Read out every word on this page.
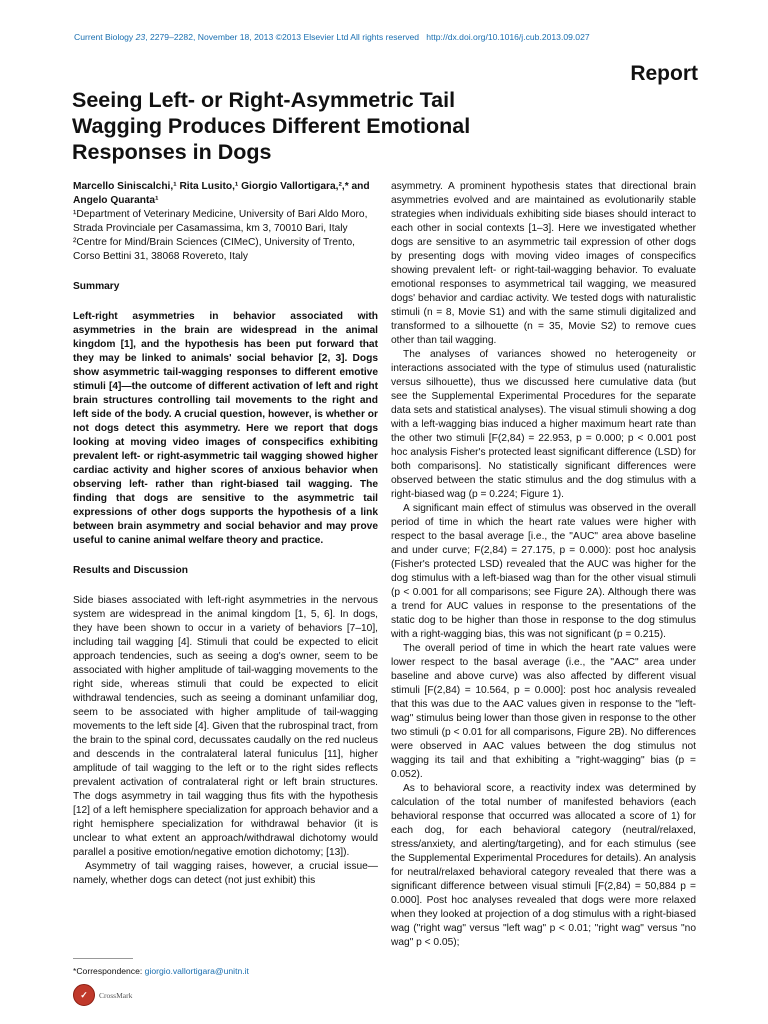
Current Biology 23, 2279–2282, November 18, 2013 ©2013 Elsevier Ltd All rights reserved http://dx.doi.org/10.1016/j.cub.2013.09.027
Report
Seeing Left- or Right-Asymmetric Tail Wagging Produces Different Emotional Responses in Dogs

Marcello Siniscalchi,¹ Rita Lusito,¹ Giorgio Vallortigara,²,* and Angelo Quaranta¹

¹Department of Veterinary Medicine, University of Bari Aldo Moro, Strada Provinciale per Casamassima, km 3, 70010 Bari, Italy

²Centre for Mind/Brain Sciences (CIMeC), University of Trento, Corso Bettini 31, 38068 Rovereto, Italy

Summary

Left-right asymmetries in behavior associated with asymmetries in the brain are widespread in the animal kingdom [1], and the hypothesis has been put forward that they may be linked to animals' social behavior [2, 3]. Dogs show asymmetric tail-wagging responses to different emotive stimuli [4]—the outcome of different activation of left and right brain structures controlling tail movements to the right and left side of the body. A crucial question, however, is whether or not dogs detect this asymmetry. Here we report that dogs looking at moving video images of conspecifics exhibiting prevalent left- or right-asymmetric tail wagging showed higher cardiac activity and higher scores of anxious behavior when observing left- rather than right-biased tail wagging. The finding that dogs are sensitive to the asymmetric tail expressions of other dogs supports the hypothesis of a link between brain asymmetry and social behavior and may prove useful to canine animal welfare theory and practice.

Results and Discussion

Side biases associated with left-right asymmetries in the nervous system are widespread in the animal kingdom [1, 5, 6]. In dogs, they have been shown to occur in a variety of behaviors [7–10], including tail wagging [4]. Stimuli that could be expected to elicit approach tendencies, such as seeing a dog's owner, seem to be associated with higher amplitude of tail-wagging movements to the right side, whereas stimuli that could be expected to elicit withdrawal tendencies, such as seeing a dominant unfamiliar dog, seem to be associated with higher amplitude of tail-wagging movements to the left side [4]. Given that the rubrospinal tract, from the brain to the spinal cord, decussates caudally on the red nucleus and descends in the contralateral lateral funiculus [11], higher amplitude of tail wagging to the left or to the right sides reflects prevalent activation of contralateral right or left brain structures. The dogs asymmetry in tail wagging thus fits with the hypothesis [12] of a left hemisphere specialization for approach behavior and a right hemisphere specialization for withdrawal behavior (it is unclear to what extent an approach/withdrawal dichotomy would parallel a positive emotion/negative emotion dichotomy; [13]).

Asymmetry of tail wagging raises, however, a crucial issue—namely, whether dogs can detect (not just exhibit) this

asymmetry. A prominent hypothesis states that directional brain asymmetries evolved and are maintained as evolutionarily stable strategies when individuals exhibiting side biases should interact to each other in social contexts [1–3]. Here we investigated whether dogs are sensitive to an asymmetric tail expression of other dogs by presenting dogs with moving video images of conspecifics showing prevalent left- or right-tail-wagging behavior. To evaluate emotional responses to asymmetrical tail wagging, we measured dogs' behavior and cardiac activity. We tested dogs with naturalistic stimuli (n = 8, Movie S1) and with the same stimuli digitalized and transformed to a silhouette (n = 35, Movie S2) to remove cues other than tail wagging.

The analyses of variances showed no heterogeneity or interactions associated with the type of stimulus used (naturalistic versus silhouette), thus we discussed here cumulative data (but see the Supplemental Experimental Procedures for the separate data sets and statistical analyses). The visual stimuli showing a dog with a left-wagging bias induced a higher maximum heart rate than the other two stimuli [F(2,84) = 22.953, p = 0.000; p < 0.001 post hoc analysis Fisher's protected least significant difference (LSD) for both comparisons]. No statistically significant differences were observed between the static stimulus and the dog stimulus with a right-biased wag (p = 0.224; Figure 1).

A significant main effect of stimulus was observed in the overall period of time in which the heart rate values were higher with respect to the basal average [i.e., the "AUC" area above baseline and under curve; F(2,84) = 27.175, p = 0.000): post hoc analysis (Fisher's protected LSD) revealed that the AUC was higher for the dog stimulus with a left-biased wag than for the other visual stimuli (p < 0.001 for all comparisons; see Figure 2A). Although there was a trend for AUC values in response to the presentations of the static dog to be higher than those in response to the dog stimulus with a right-wagging bias, this was not significant (p = 0.215).

The overall period of time in which the heart rate values were lower respect to the basal average (i.e., the "AAC" area under baseline and above curve) was also affected by different visual stimuli [F(2,84) = 10.564, p = 0.000]: post hoc analysis revealed that this was due to the AAC values given in response to the "left-wag" stimulus being lower than those given in response to the other two stimuli (p < 0.01 for all comparisons, Figure 2B). No differences were observed in AAC values between the dog stimulus not wagging its tail and that exhibiting a "right-wagging" bias (p = 0.052).

As to behavioral score, a reactivity index was determined by calculation of the total number of manifested behaviors (each behavioral response that occurred was allocated a score of 1) for each dog, for each behavioral category (neutral/relaxed, stress/anxiety, and alerting/targeting), and for each stimulus (see the Supplemental Experimental Procedures for details). An analysis for neutral/relaxed behavioral category revealed that there was a significant difference between visual stimuli [F(2,84) = 50,884 p = 0.000]. Post hoc analyses revealed that dogs were more relaxed when they looked at projection of a dog stimulus with a right-biased wag ("right wag" versus "left wag" p < 0.01; "right wag" versus "no wag" p < 0.05);

*Correspondence: giorgio.vallortigara@unitn.it
✓	CrossMark
